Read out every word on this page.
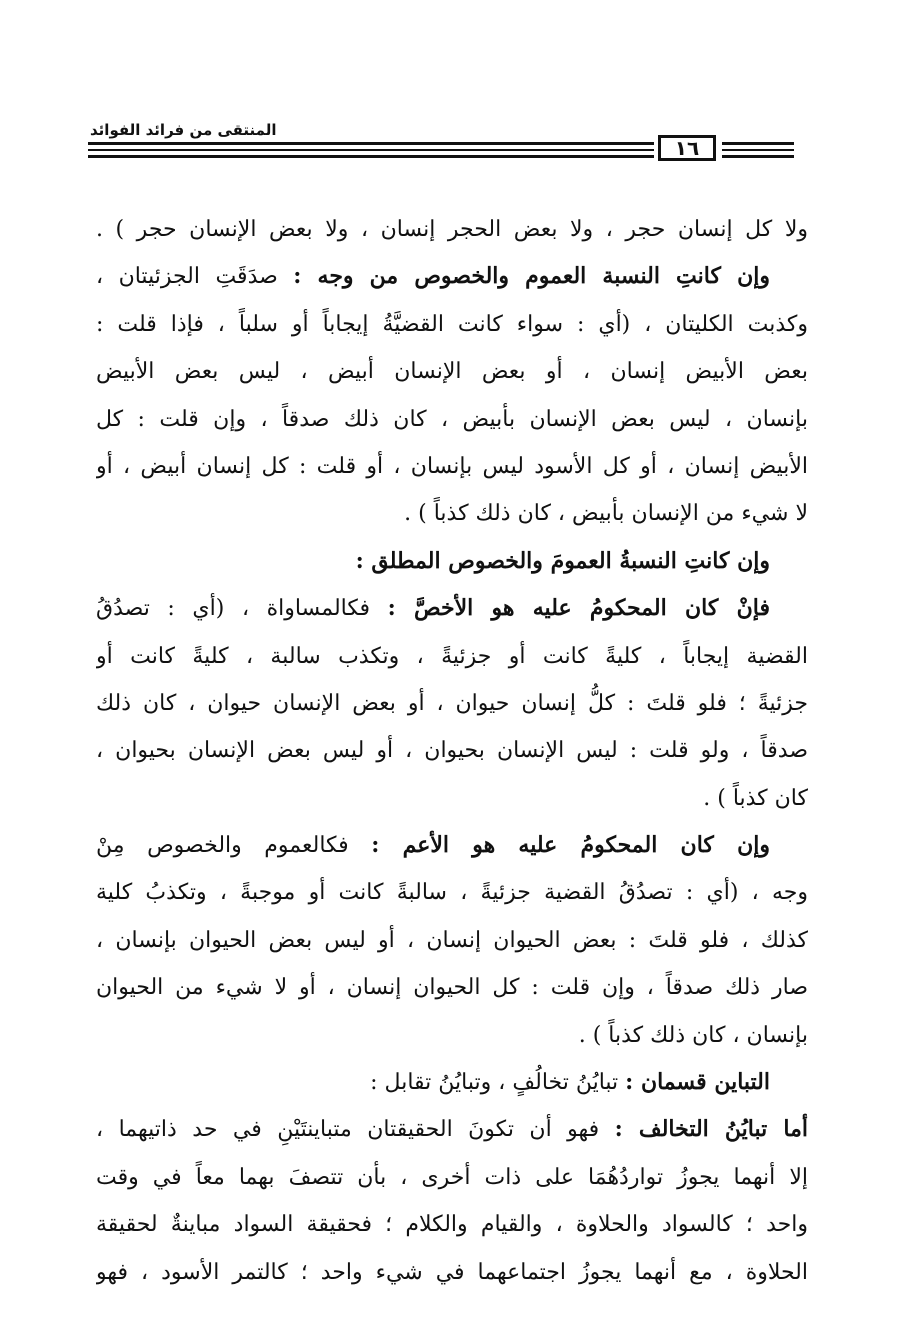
المنتقى من فرائد الفوائد
١٦
ولا كل إنسان حجر ، ولا بعض الحجر إنسان ، ولا بعض الإنسان حجر ) .
وإن كانتِ النسبة العموم والخصوص من وجه : صدَقَتِ الجزئيتان ،
وكذبت الكليتان ، (أي : سواء كانت القضيَّةُ إيجاباً أو سلباً ، فإذا قلت :
بعض الأبيض إنسان ، أو بعض الإنسان أبيض ، ليس بعض الأبيض
بإنسان ، ليس بعض الإنسان بأبيض ، كان ذلك صدقاً ، وإن قلت : كل
الأبيض إنسان ، أو كل الأسود ليس بإنسان ، أو قلت : كل إنسان أبيض ، أو
لا شيء من الإنسان بأبيض ، كان ذلك كذباً ) .
وإن كانتِ النسبةُ العمومَ والخصوص المطلق :
فإنْ كان المحكومُ عليه هو الأخصَّ : فكالمساواة ، (أي : تصدُقُ
القضية إيجاباً ، كليةً كانت أو جزئيةً ، وتكذب سالبة ، كليةً كانت أو
جزئيةً ؛ فلو قلتَ : كلُّ إنسان حيوان ، أو بعض الإنسان حيوان ، كان ذلك
صدقاً ، ولو قلت : ليس الإنسان بحيوان ، أو ليس بعض الإنسان بحيوان ،
كان كذباً ) .
وإن كان المحكومُ عليه هو الأعم : فكالعموم والخصوص مِنْ
وجه ، (أي : تصدُقُ القضية جزئيةً ، سالبةً كانت أو موجبةً ، وتكذبُ كلية
كذلك ، فلو قلتَ : بعض الحيوان إنسان ، أو ليس بعض الحيوان بإنسان ،
صار ذلك صدقاً ، وإن قلت : كل الحيوان إنسان ، أو لا شيء من الحيوان
بإنسان ، كان ذلك كذباً ) .
التباين قسمان : تبايُنُ تخالُفٍ ، وتبايُنُ تقابل :
أما تبايُنُ التخالف : فهو أن تكونَ الحقيقتان متباينتَيْنِ في حد ذاتيهما ،
إلا أنهما يجوزُ تواردُهُمَا على ذات أخرى ، بأن تتصفَ بهما معاً في وقت
واحد ؛ كالسواد والحلاوة ، والقيام والكلام ؛ فحقيقة السواد مباينةٌ لحقيقة
الحلاوة ، مع أنهما يجوزُ اجتماعهما في شيء واحد ؛ كالتمر الأسود ، فهو
